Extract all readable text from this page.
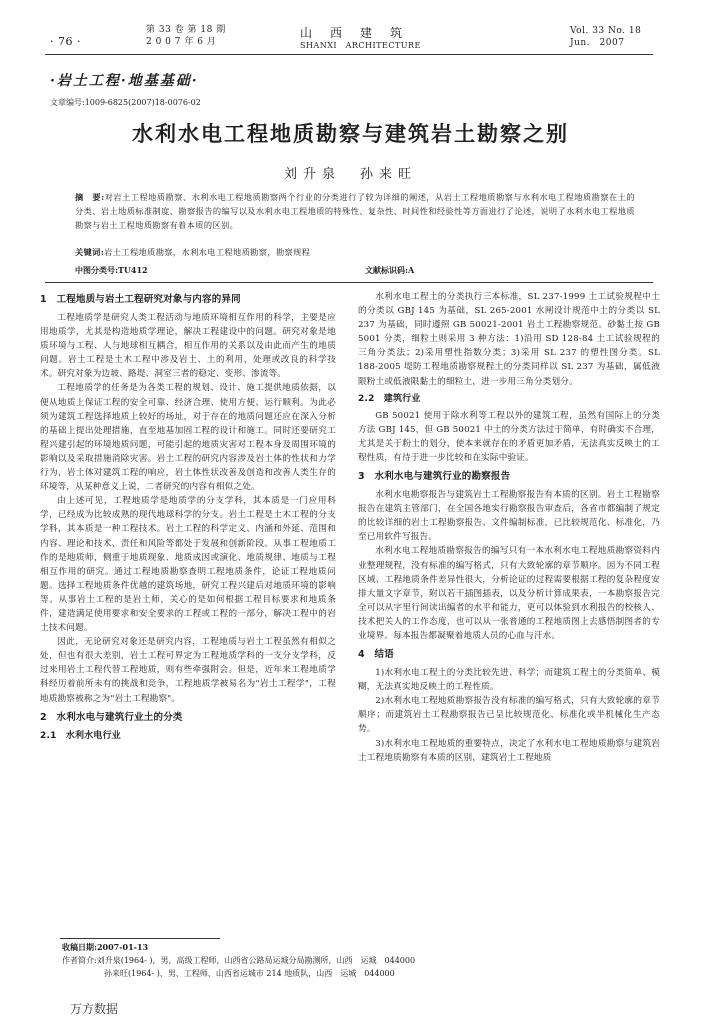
· 76 ·
第 33 卷 第 18 期
2 0 0 7 年 6 月
山　西　建　筑
SHANXI　ARCHITECTURE
Vol. 33 No. 18
Jun.　2007
·岩土工程·地基基础·
文章编号:1009-6825(2007)18-0076-02
水利水电工程地质勘察与建筑岩土勘察之别
刘升泉　孙来旺
摘　要:对岩土工程地质勘察、水利水电工程地质勘察两个行业的分类进行了较为详细的阐述，从岩土工程地质勘察与水利水电工程地质勘察在土的分类、岩土地质标准制度、勘察报告的编写以及水利水电工程地质的特殊性、复杂性、时间性和经验性等方面进行了论述，说明了水利水电工程地质勘察与岩土工程地质勘察有着本质的区别。
关键词:岩土工程地质勘察，水利水电工程地质勘察，勘察规程
中图分类号:TU412	文献标识码:A
1　工程地质与岩土工程研究对象与内容的异同

工程地质学是研究人类工程活动与地质环境相互作用的科学，主要是应用地质学，尤其是构造地质学理论，解决工程建设中的问题。研究对象是地质环境与工程、人与地球相互耦合，相互作用的关系以及由此而产生的地质问题。岩土工程是土木工程中涉及岩土、土的利用，处理或改良的科学技术。研究对象为边坡、路堤、洞室三者的稳定、变形、渗流等。

工程地质学的任务是为各类工程的规划、设计、施工提供地质依据，以便从地质上保证工程的安全可靠、经济合理、使用方便、运行顺利。为此必须为建筑工程选择地质上较好的场址，对于存在的地质问题还应在深入分析的基础上提出处理措施，直至地基加固工程的设计和施工。同时还要研究工程兴建引起的环境地质问题，可能引起的地质灾害对工程本身及周围环境的影响以及采取措施消除灾害。岩土工程的研究内容涉及岩土体的性状和力学行为，岩土体对建筑工程的响应，岩土体性状改善及创造和改善人类生存的环境等，从某种意义上说，二者研究的内容有相似之处。

由上述可见，工程地质学是地质学的分支学科，其本质是一门应用科学，已经成为比较成熟的现代地球科学的分支。岩土工程是土木工程的分支学科，其本质是一种工程技术。岩土工程的科学定义、内涵和外延、范围和内容、理论和技术、责任和风险等都处于发展和创新阶段。从事工程地质工作的是地质师，侧重于地质现象、地质成因或演化、地质规律、地质与工程相互作用的研究。通过工程地质勘察查明工程地质条件，论证工程地质问题。选择工程地质条件优越的建筑场地，研究工程兴建后对地质环境的影响等。从事岩土工程的是岩土师，关心的是如何根据工程目标要求和地质条件，建造满足使用要求和安全要求的工程或工程的一部分，解决工程中的岩土技术问题。

因此，无论研究对象还是研究内容，工程地质与岩土工程虽然有相似之处，但也有很大差别，岩土工程可界定为工程地质学科的一支分支学科，反过来用岩土工程代替工程地质，则有些牵强附会。但是，近年来工程地质学科经历着前所未有的挑战和竞争，工程地质学被易名为"岩土工程学"，工程地质勘察被称之为"岩土工程勘察"。

2　水利水电与建筑行业土的分类
2.1　水利水电行业

水利水电工程土的分类执行三本标准，SL 237-1999 土工试验规程中土的分类以 GBJ 145 为基础，SL 265-2001 水闸设计规范中土的分类以 SL 237 为基础，同时遵照 GB 50021-2001 岩土工程勘察规范。砂黏土按 GB 5001 分类，细粒土则采用 3 种方法：1)沿用 SD 128-84 土工试验规程的三角分类法；2)采用塑性指数分类；3)采用 SL 237 的塑性图分类。SL 188-2005 堤防工程地质勘察规程土的分类同样以 SL 237 为基础，属低液限粉土或低液限黏土的细粒土，进一步用三角分类划分。

2.2　建筑行业

GB 50021 使用于除水利等工程以外的建筑工程，虽然有国际上的分类方法 GBJ 145，但 GB 50021 中土的分类方法过于简单，有时确实不合理，尤其是关于粉土的划分，使本来就存在的矛盾更加矛盾，无法真实反映土的工程性质，有待于进一步比较和在实际中验证。

3　水利水电与建筑行业的勘察报告

水利水电勘察报告与建筑岩土工程勘察报告有本质的区别。岩土工程勘察报告在建筑主管部门，在全国各地实行勘察报告审查后，各省市都编制了规定的比较详细的岩土工程勘察报告、文件编制标准，已比较规范化、标准化，乃至已用软件写报告。

水利水电工程地质勘察报告的编写只有一本水利水电工程地质勘察资料内业整理规程，没有标准的编写格式，只有大致轮廓的章节顺序。因为不同工程区域、工程地质条件差异性很大，分析论证的过程需要根据工程的复杂程度安排大量文字章节，附以若干插图插表，以及分析计算成果表，一本勘察报告完全可以从字里行间读出编者的水平和能力，更可以体验到水利报告的校核人、技术把关人的工作态度，也可以从一张普通的工程地质图上去感悟制图者的专业境界。每本报告都凝聚着地质人员的心血与汗水。

4　结语

1)水利水电工程土的分类比较先进、科学；而建筑工程土的分类简单、模糊，无法真实地反映土的工程性质。

2)水利水电工程地质勘察报告没有标准的编写格式，只有大致轮廓的章节顺序；而建筑岩土工程勘察报告已呈比较规范化、标准化或半机械化生产态势。

3)水利水电工程地质的重要特点，决定了水利水电工程地质勘察与建筑岩土工程地质勘察有本质的区别，建筑岩土工程地质

收稿日期:2007-01-13
作者简介:刘升泉(1964- )，男，高级工程师，山西省公路局运城分局勘测所，山西　运城　044000
孙来旺(1964- )，男，工程师，山西省运城市 214 地质队，山西　运城　044000
万方数据
